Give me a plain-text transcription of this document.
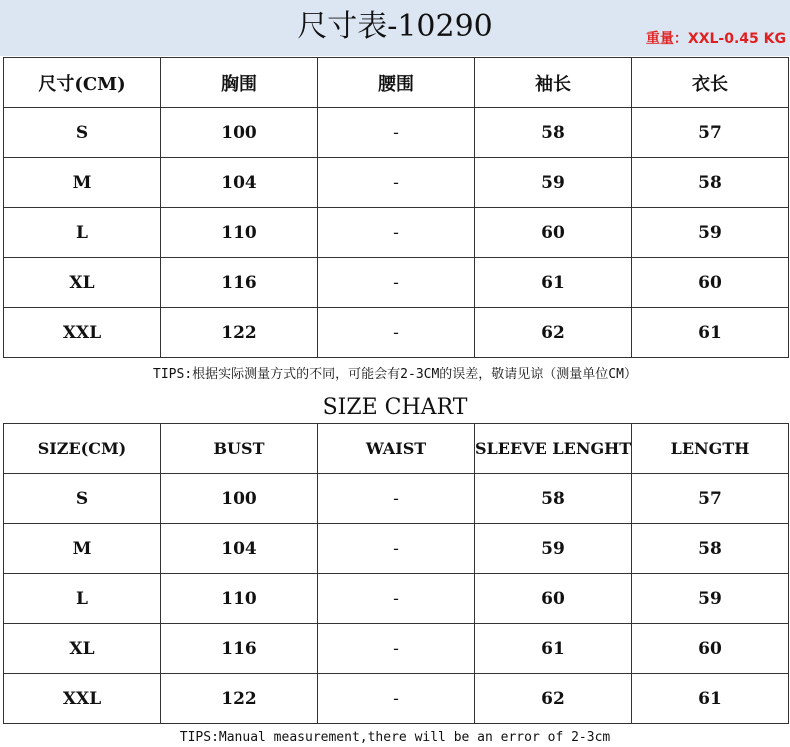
尺寸表-10290	重量：XXL-0.45 KG
尺寸(CM)	胸围	腰围	袖长	衣长
S	100	-	58	57
M	104	-	59	58
L	110	-	60	59
XL	116	-	61	60
XXL	122	-	62	61
TIPS:根据实际测量方式的不同，可能会有2-3CM的误差，敬请见谅（测量单位CM）
SIZE CHART
SIZE(CM)	BUST	WAIST	SLEEVE LENGHT	LENGTH
S	100	-	58	57
M	104	-	59	58
L	110	-	60	59
XL	116	-	61	60
XXL	122	-	62	61
TIPS:Manual measurement,there will be an error of 2-3cm
